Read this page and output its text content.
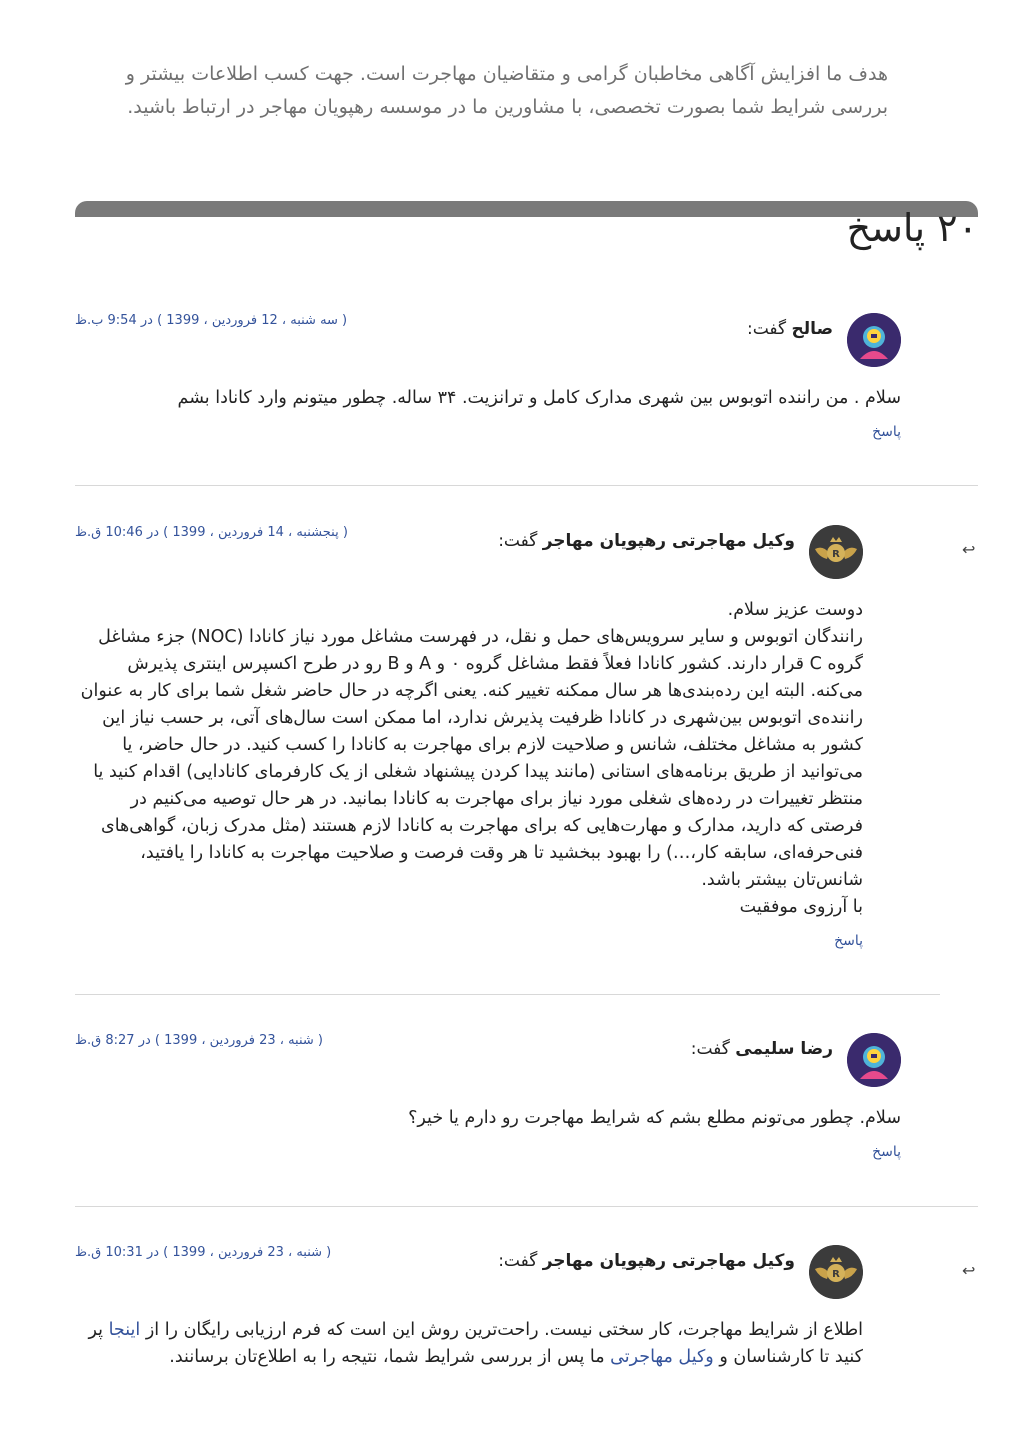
هدف ما افزایش آگاهی مخاطبان گرامی و متقاضیان مهاجرت است. جهت کسب اطلاعات بیشتر و بررسی شرایط شما بصورت تخصصی، با مشاورین ما در موسسه رهپویان مهاجر در ارتباط باشید.
۲۰ پاسخ
صالح گفت:
( سه شنبه ، 12 فروردین ، 1399 ) در 9:54 ب.ظ

سلام . من راننده اتوبوس بین شهری مدارک کامل و ترانزیت. ۳۴ ساله. چطور میتونم وارد کانادا بشم

پاسخ
↩
R
وکیل مهاجرتی رهپویان مهاجر گفت:
( پنجشنبه ، 14 فروردین ، 1399 ) در 10:46 ق.ظ

دوست عزیز سلام.

رانندگان اتوبوس و سایر سرویس‌های حمل و نقل، در فهرست مشاغل مورد نیاز کانادا (NOC) جزء مشاغل گروه C قرار دارند. کشور کانادا فعلاً فقط مشاغل گروه ۰ و A و B رو در طرح اکسپرس اینتری پذیرش می‌کنه. البته این رده‌بندی‌ها هر سال ممکنه تغییر کنه. یعنی اگرچه در حال حاضر شغل شما برای کار به عنوان راننده‌ی اتوبوس بین‌شهری در کانادا ظرفیت پذیرش ندارد، اما ممکن است سال‌های آتی، بر حسب نیاز این کشور به مشاغل مختلف، شانس و صلاحیت لازم برای مهاجرت به کانادا را کسب کنید. در حال حاضر، یا می‌توانید از طریق برنامه‌های استانی (مانند پیدا کردن پیشنهاد شغلی از یک کارفرمای کانادایی) اقدام کنید یا منتظر تغییرات در رده‌های شغلی مورد نیاز برای مهاجرت به کانادا بمانید. در هر حال توصیه می‌کنیم در فرصتی که دارید، مدارک و مهارت‌هایی که برای مهاجرت به کانادا لازم هستند (مثل مدرک زبان، گواهی‌های فنی‌حرفه‌ای، سابقه کار،…) را بهبود ببخشید تا هر وقت فرصت و صلاحیت مهاجرت به کانادا را یافتید، شانس‌تان بیشتر باشد.

با آرزوی موفقیت

پاسخ
رضا سلیمی گفت:
( شنبه ، 23 فروردین ، 1399 ) در 8:27 ق.ظ

سلام. چطور می‌تونم مطلع بشم که شرایط مهاجرت رو دارم یا خیر؟

پاسخ
↩
R
وکیل مهاجرتی رهپویان مهاجر گفت:
( شنبه ، 23 فروردین ، 1399 ) در 10:31 ق.ظ
اطلاع از شرایط مهاجرت، کار سختی نیست. راحت‌ترین روش این است که فرم ارزیابی رایگان را از اینجا پر کنید تا کارشناسان و وکیل مهاجرتی ما پس از بررسی شرایط شما، نتیجه را به اطلاع‌تان برسانند.
